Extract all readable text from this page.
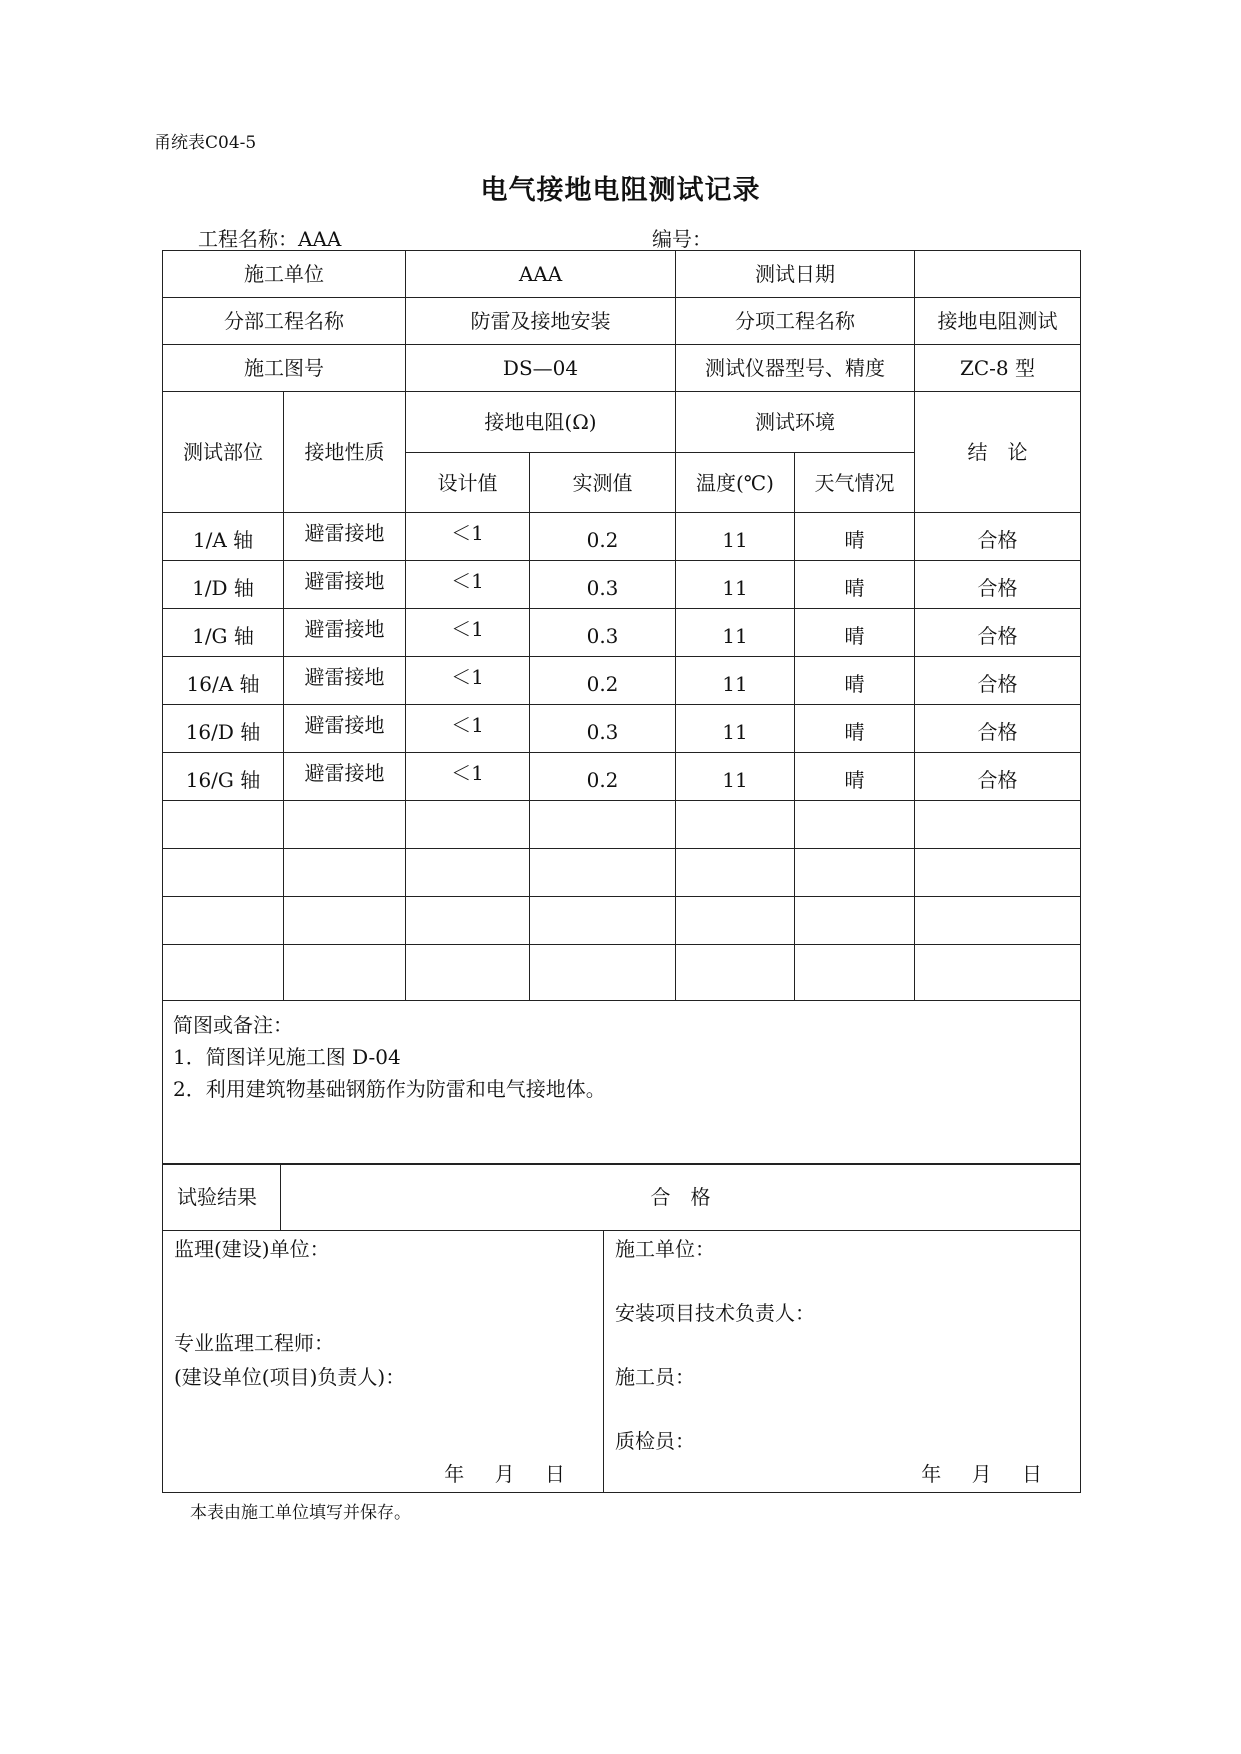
甬统表C04-5
电气接地电阻测试记录
工程名称：AAA	编号：
施工单位		AAA		测试日期		
分部工程名称		防雷及接地安装		分项工程名称		接地电阻测试
施工图号		DS—04		测试仪器型号、精度		ZC-8 型
测试部位	接地性质	接地电阻(Ω)		测试环境		结　论
		设计值	实测值	温度(℃)	天气情况	
1/A 轴	避雷接地	＜1	0.2	11	晴	合格
1/D 轴	避雷接地	＜1	0.3	11	晴	合格
1/G 轴	避雷接地	＜1	0.3	11	晴	合格
16/A 轴	避雷接地	＜1	0.2	11	晴	合格
16/D 轴	避雷接地	＜1	0.3	11	晴	合格
16/G 轴	避雷接地	＜1	0.2	11	晴	合格

简图或备注：
1．简图详见施工图 D-04
2．利用建筑物基础钢筋作为防雷和电气接地体。						
试验结果	合　格	

监理(建设)单位：
专业监理工程师：
(建设单位(项目)负责人)：
年 月 日		施工单位：
安装项目技术负责人：
施工员：
质检员：
年 月 日
本表由施工单位填写并保存。
